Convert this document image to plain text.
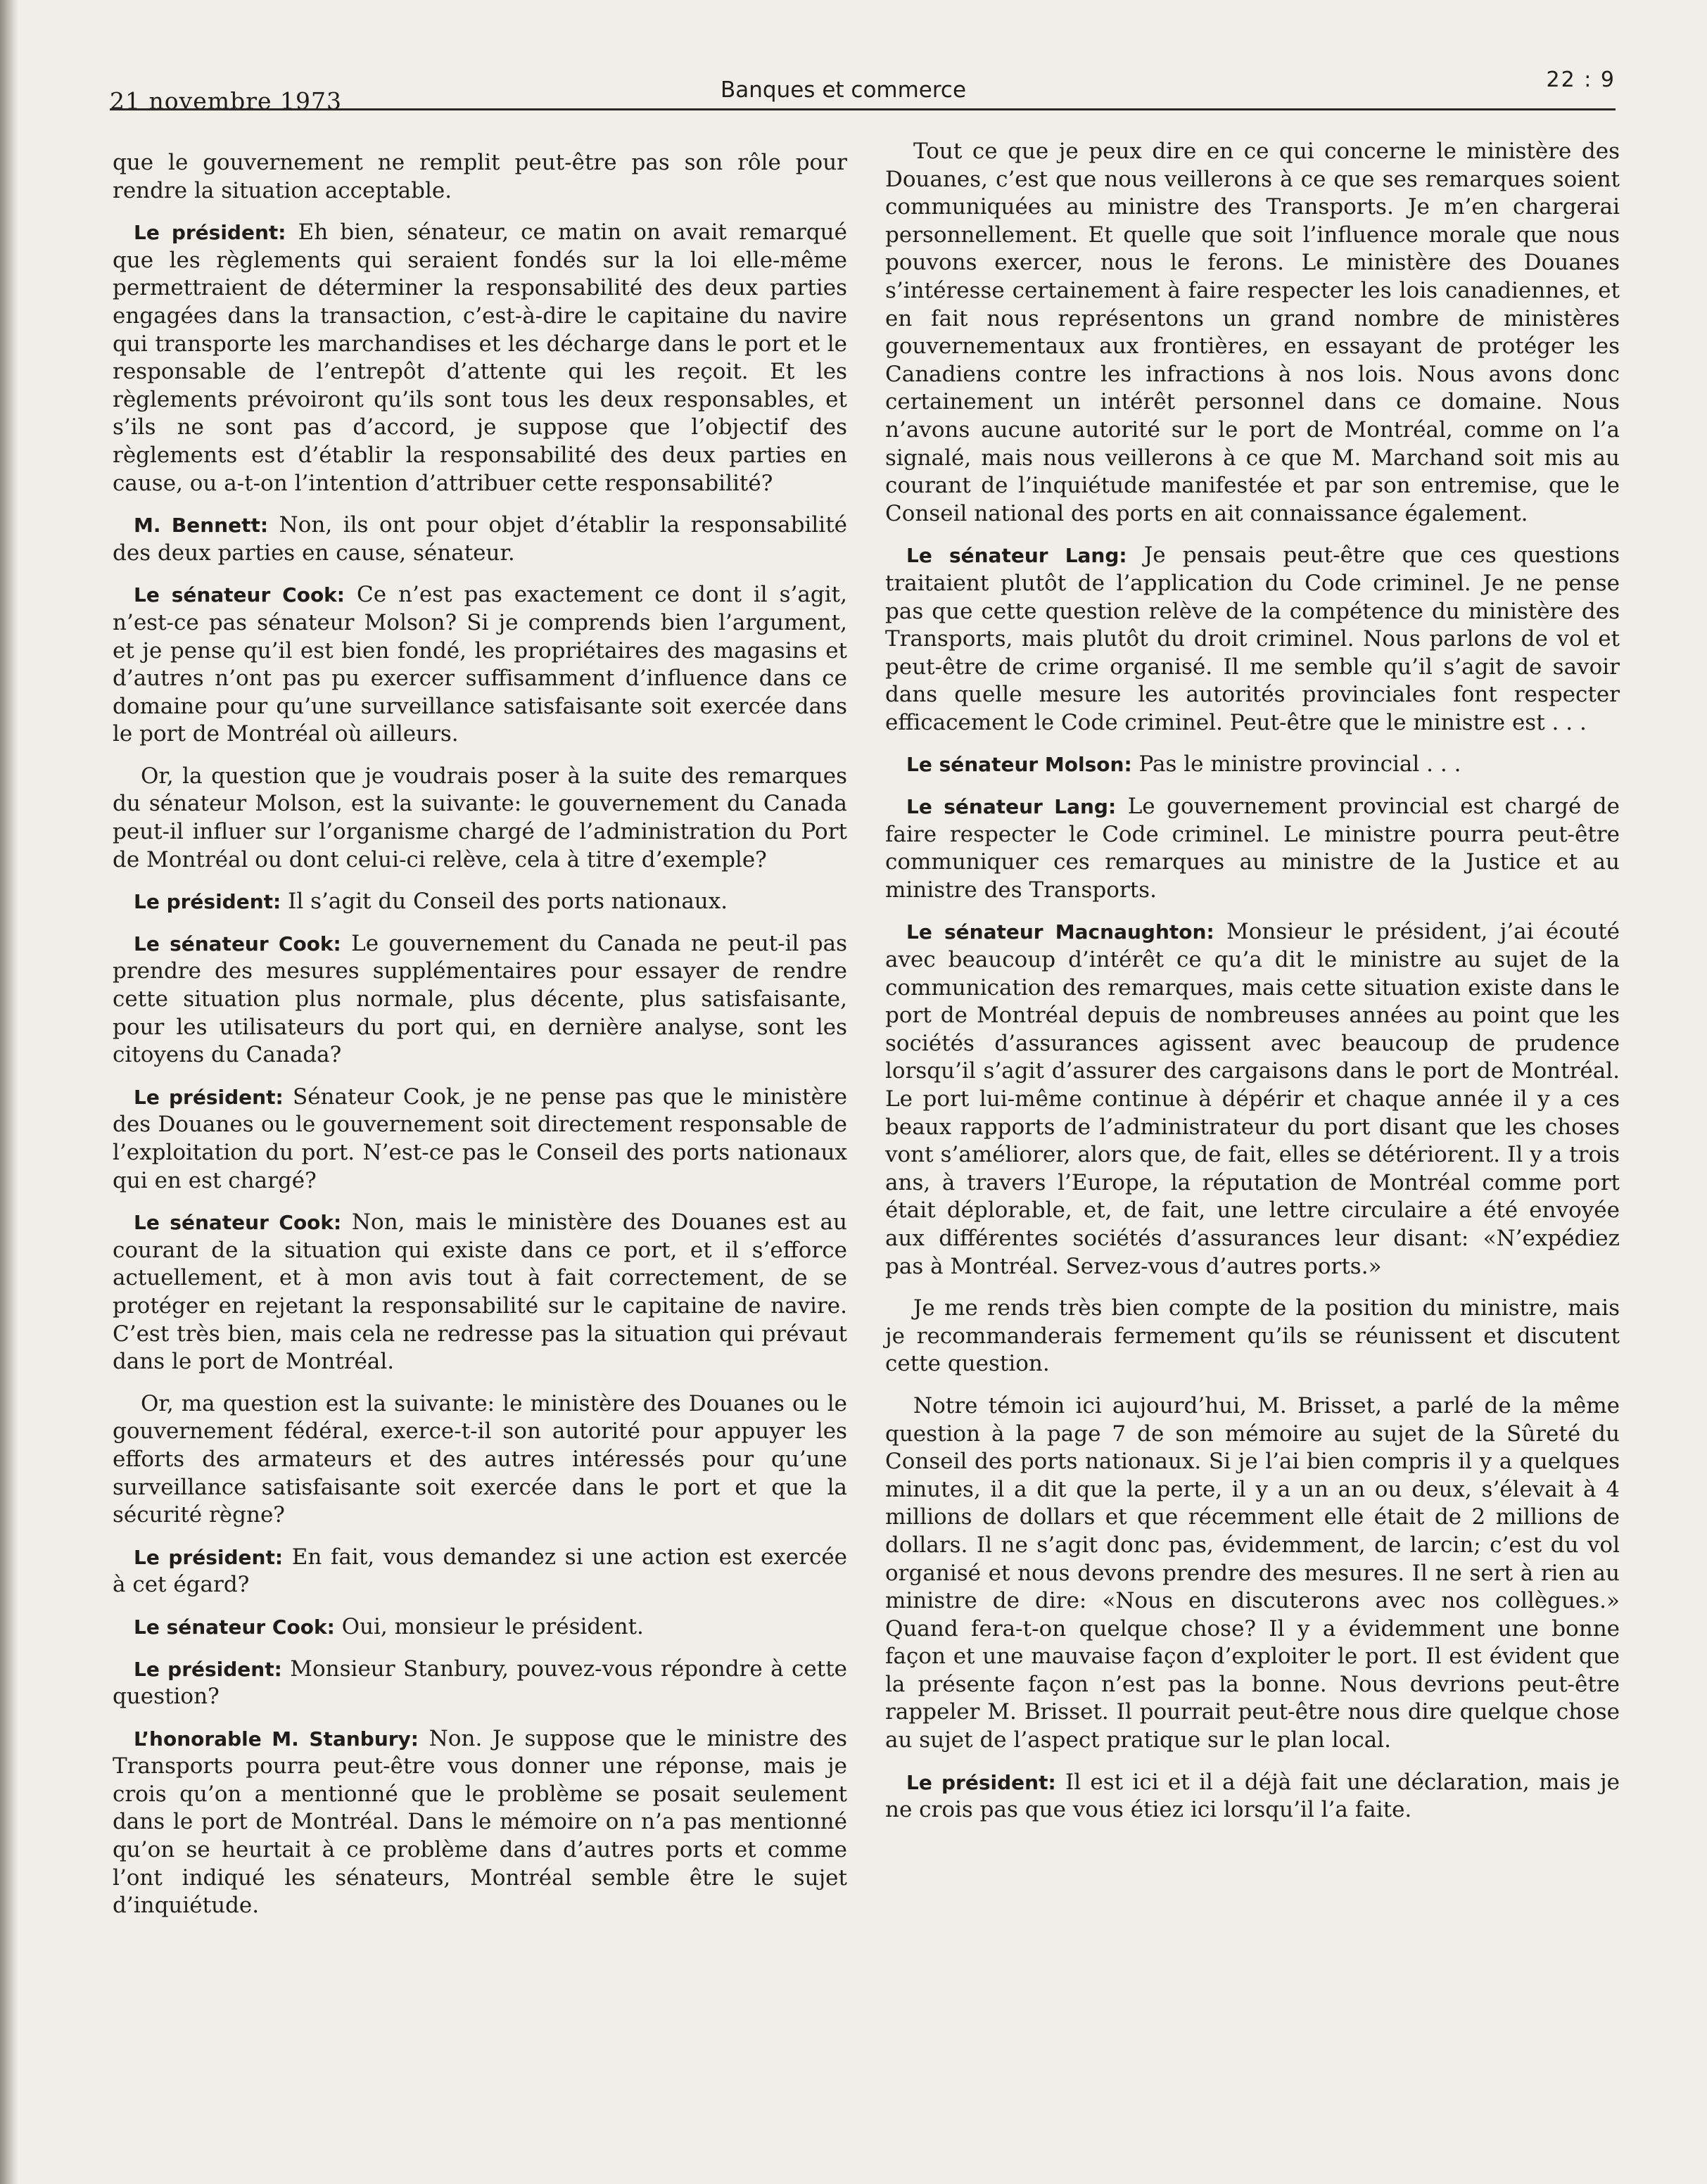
21 novembre 1973	Banques et commerce	22 : 9

que le gouvernement ne remplit peut-être pas son rôle pour rendre la situation acceptable.

Le président: Eh bien, sénateur, ce matin on avait remarqué que les règlements qui seraient fondés sur la loi elle-même permettraient de déterminer la responsabilité des deux parties engagées dans la transaction, c’est-à-dire le capitaine du navire qui transporte les marchandises et les décharge dans le port et le responsable de l’entrepôt d’attente qui les reçoit. Et les règlements prévoiront qu’ils sont tous les deux responsables, et s’ils ne sont pas d’accord, je suppose que l’objectif des règlements est d’établir la responsabilité des deux parties en cause, ou a-t-on l’intention d’attribuer cette responsabilité?

M. Bennett: Non, ils ont pour objet d’établir la responsabilité des deux parties en cause, sénateur.

Le sénateur Cook: Ce n’est pas exactement ce dont il s’agit, n’est-ce pas sénateur Molson? Si je comprends bien l’argument, et je pense qu’il est bien fondé, les propriétaires des magasins et d’autres n’ont pas pu exercer suffisamment d’influence dans ce domaine pour qu’une surveillance satisfaisante soit exercée dans le port de Montréal où ailleurs.

Or, la question que je voudrais poser à la suite des remarques du sénateur Molson, est la suivante: le gouvernement du Canada peut-il influer sur l’organisme chargé de l’administration du Port de Montréal ou dont celui-ci relève, cela à titre d’exemple?

Le président: Il s’agit du Conseil des ports nationaux.

Le sénateur Cook: Le gouvernement du Canada ne peut-il pas prendre des mesures supplémentaires pour essayer de rendre cette situation plus normale, plus décente, plus satisfaisante, pour les utilisateurs du port qui, en dernière analyse, sont les citoyens du Canada?

Le président: Sénateur Cook, je ne pense pas que le ministère des Douanes ou le gouvernement soit directement responsable de l’exploitation du port. N’est-ce pas le Conseil des ports nationaux qui en est chargé?

Le sénateur Cook: Non, mais le ministère des Douanes est au courant de la situation qui existe dans ce port, et il s’efforce actuellement, et à mon avis tout à fait correctement, de se protéger en rejetant la responsabilité sur le capitaine de navire. C’est très bien, mais cela ne redresse pas la situation qui prévaut dans le port de Montréal.

Or, ma question est la suivante: le ministère des Douanes ou le gouvernement fédéral, exerce-t-il son autorité pour appuyer les efforts des armateurs et des autres intéressés pour qu’une surveillance satisfaisante soit exercée dans le port et que la sécurité règne?

Le président: En fait, vous demandez si une action est exercée à cet égard?

Le sénateur Cook: Oui, monsieur le président.

Le président: Monsieur Stanbury, pouvez-vous répondre à cette question?

L’honorable M. Stanbury: Non. Je suppose que le ministre des Transports pourra peut-être vous donner une réponse, mais je crois qu’on a mentionné que le problème se posait seulement dans le port de Montréal. Dans le mémoire on n’a pas mentionné qu’on se heurtait à ce problème dans d’autres ports et comme l’ont indiqué les sénateurs, Montréal semble être le sujet d’inquiétude.

Tout ce que je peux dire en ce qui concerne le ministère des Douanes, c’est que nous veillerons à ce que ses remarques soient communiquées au ministre des Transports. Je m’en chargerai personnellement. Et quelle que soit l’influence morale que nous pouvons exercer, nous le ferons. Le ministère des Douanes s’intéresse certainement à faire respecter les lois canadiennes, et en fait nous représentons un grand nombre de ministères gouvernementaux aux frontières, en essayant de protéger les Canadiens contre les infractions à nos lois. Nous avons donc certainement un intérêt personnel dans ce domaine. Nous n’avons aucune autorité sur le port de Montréal, comme on l’a signalé, mais nous veillerons à ce que M. Marchand soit mis au courant de l’inquiétude manifestée et par son entremise, que le Conseil national des ports en ait connaissance également.

Le sénateur Lang: Je pensais peut-être que ces questions traitaient plutôt de l’application du Code criminel. Je ne pense pas que cette question relève de la compétence du ministère des Transports, mais plutôt du droit criminel. Nous parlons de vol et peut-être de crime organisé. Il me semble qu’il s’agit de savoir dans quelle mesure les autorités provinciales font respecter efficacement le Code criminel. Peut-être que le ministre est . . .

Le sénateur Molson: Pas le ministre provincial . . .

Le sénateur Lang: Le gouvernement provincial est chargé de faire respecter le Code criminel. Le ministre pourra peut-être communiquer ces remarques au ministre de la Justice et au ministre des Transports.

Le sénateur Macnaughton: Monsieur le président, j’ai écouté avec beaucoup d’intérêt ce qu’a dit le ministre au sujet de la communication des remarques, mais cette situation existe dans le port de Montréal depuis de nombreuses années au point que les sociétés d’assurances agissent avec beaucoup de prudence lorsqu’il s’agit d’assurer des cargaisons dans le port de Montréal. Le port lui-même continue à dépérir et chaque année il y a ces beaux rapports de l’administrateur du port disant que les choses vont s’améliorer, alors que, de fait, elles se détériorent. Il y a trois ans, à travers l’Europe, la réputation de Montréal comme port était déplorable, et, de fait, une lettre circulaire a été envoyée aux différentes sociétés d’assurances leur disant: «N’expédiez pas à Montréal. Servez-vous d’autres ports.»

Je me rends très bien compte de la position du ministre, mais je recommanderais fermement qu’ils se réunissent et discutent cette question.

Notre témoin ici aujourd’hui, M. Brisset, a parlé de la même question à la page 7 de son mémoire au sujet de la Sûreté du Conseil des ports nationaux. Si je l’ai bien compris il y a quelques minutes, il a dit que la perte, il y a un an ou deux, s’élevait à 4 millions de dollars et que récemment elle était de 2 millions de dollars. Il ne s’agit donc pas, évidemment, de larcin; c’est du vol organisé et nous devons prendre des mesures. Il ne sert à rien au ministre de dire: «Nous en discuterons avec nos collègues.» Quand fera-t-on quelque chose? Il y a évidemment une bonne façon et une mauvaise façon d’exploiter le port. Il est évident que la présente façon n’est pas la bonne. Nous devrions peut-être rappeler M. Brisset. Il pourrait peut-être nous dire quelque chose au sujet de l’aspect pratique sur le plan local.

Le président: Il est ici et il a déjà fait une déclaration, mais je ne crois pas que vous étiez ici lorsqu’il l’a faite.
